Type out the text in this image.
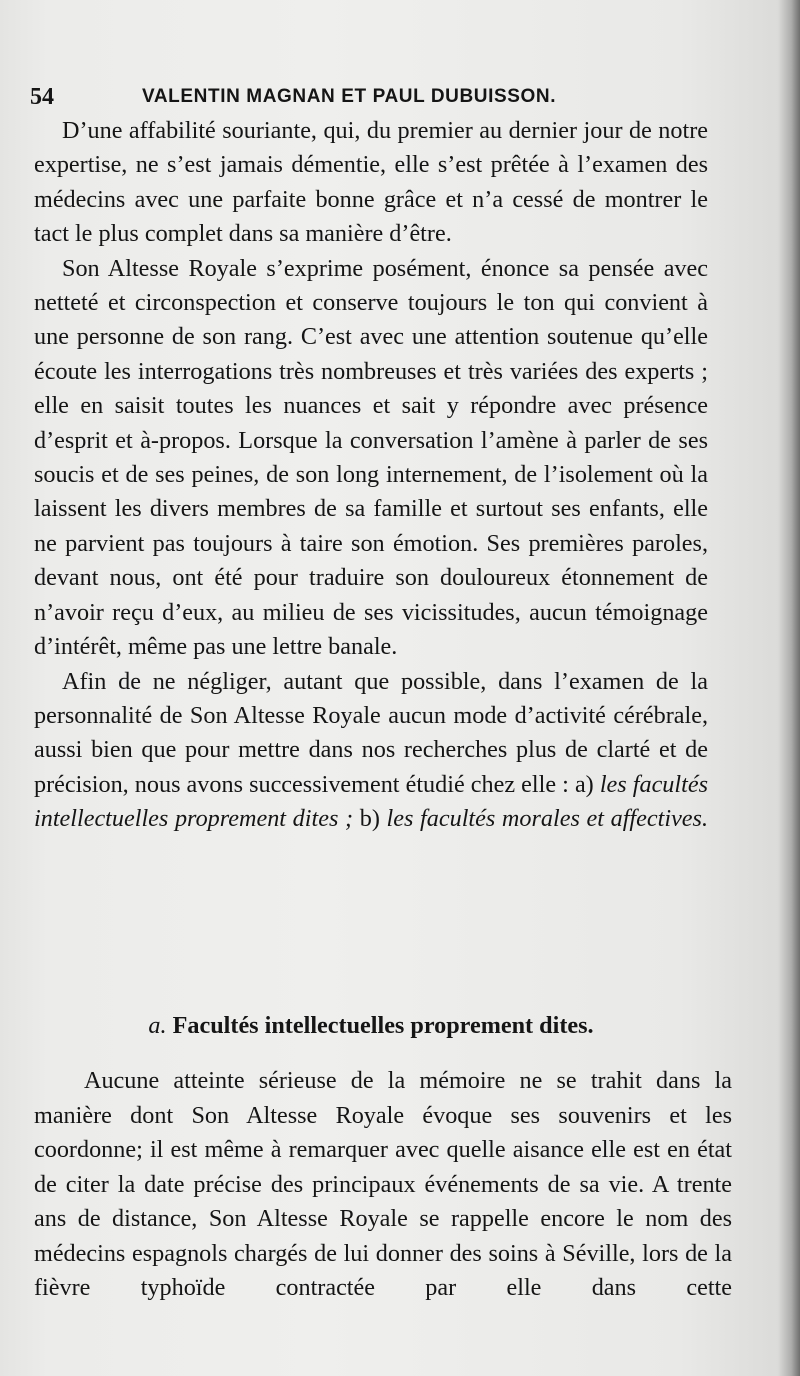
54	VALENTIN MAGNAN ET PAUL DUBUISSON.

D’une affabilité souriante, qui, du premier au dernier jour de notre expertise, ne s’est jamais démentie, elle s’est prêtée à l’examen des médecins avec une parfaite bonne grâce et n’a cessé de montrer le tact le plus complet dans sa manière d’être.

Son Altesse Royale s’exprime posément, énonce sa pensée avec netteté et circonspection et conserve toujours le ton qui convient à une personne de son rang. C’est avec une attention soutenue qu’elle écoute les interrogations très nombreuses et très variées des experts ; elle en saisit toutes les nuances et sait y répondre avec présence d’esprit et à-propos. Lorsque la conversation l’amène à parler de ses soucis et de ses peines, de son long internement, de l’isolement où la laissent les divers membres de sa famille et surtout ses enfants, elle ne parvient pas toujours à taire son émotion. Ses premières paroles, devant nous, ont été pour traduire son douloureux étonnement de n’avoir reçu d’eux, au milieu de ses vicissitudes, aucun témoignage d’intérêt, même pas une lettre banale.

Afin de ne négliger, autant que possible, dans l’examen de la personnalité de Son Altesse Royale aucun mode d’activité cérébrale, aussi bien que pour mettre dans nos recherches plus de clarté et de précision, nous avons successivement étudié chez elle : a) les facultés intellectuelles proprement dites ; b) les facultés morales et affectives.

a. Facultés intellectuelles proprement dites.

Aucune atteinte sérieuse de la mémoire ne se trahit dans la manière dont Son Altesse Royale évoque ses souvenirs et les coordonne; il est même à remarquer avec quelle aisance elle est en état de citer la date précise des principaux événements de sa vie. A trente ans de distance, Son Altesse Royale se rappelle encore le nom des médecins espagnols chargés de lui donner des soins à Séville, lors de la fièvre typhoïde contractée par elle dans cette
